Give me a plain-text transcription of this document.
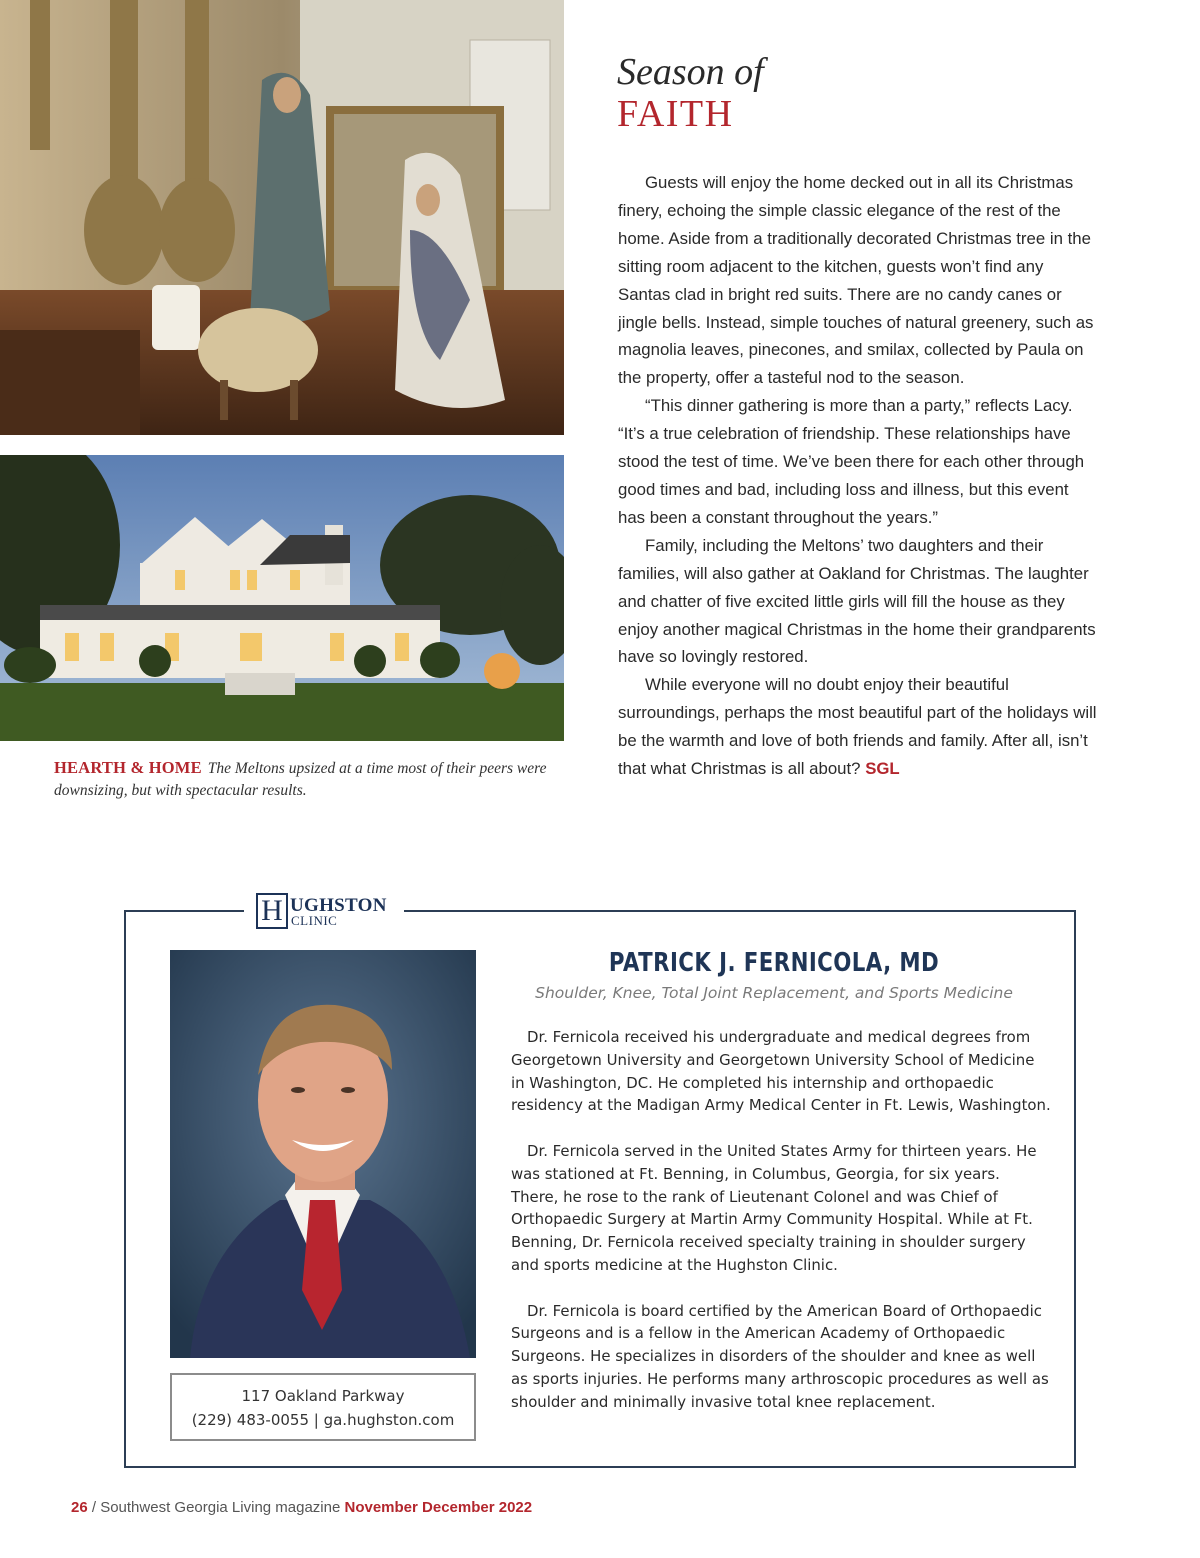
HEARTH & HOME The Meltons upsized at a time most of their peers were downsizing, but with spectacular results.
Season of
FAITH

Guests will enjoy the home decked out in all its Christmas finery, echoing the simple classic elegance of the rest of the home. Aside from a traditionally decorated Christmas tree in the sitting room adjacent to the kitchen, guests won’t find any Santas clad in bright red suits. There are no candy canes or jingle bells. Instead, simple touches of natural greenery, such as magnolia leaves, pinecones, and smilax, collected by Paula on the property, offer a tasteful nod to the season.

“This dinner gathering is more than a party,” reflects Lacy. “It’s a true celebration of friendship. These relationships have stood the test of time. We’ve been there for each other through good times and bad, including loss and illness, but this event has been a constant throughout the years.”

Family, including the Meltons’ two daughters and their families, will also gather at Oakland for Christmas. The laughter and chatter of five excited little girls will fill the house as they enjoy another magical Christmas in the home their grandparents have so lovingly restored.

While everyone will no doubt enjoy their beautiful surroundings, perhaps the most beautiful part of the holidays will be the warmth and love of both friends and family. After all, isn’t that what Christmas is all about? SGL

H UGHSTON
CLINIC
117 Oakland Parkway
(229) 483-0055 | ga.hughston.com
PATRICK J. FERNICOLA, MD
Shoulder, Knee, Total Joint Replacement, and Sports Medicine

Dr. Fernicola received his undergraduate and medical degrees from Georgetown University and Georgetown University School of Medicine in Washington, DC. He completed his internship and orthopaedic residency at the Madigan Army Medical Center in Ft. Lewis, Washington.

Dr. Fernicola served in the United States Army for thirteen years. He was stationed at Ft. Benning, in Columbus, Georgia, for six years. There, he rose to the rank of Lieutenant Colonel and was Chief of Orthopaedic Surgery at Martin Army Community Hospital. While at Ft. Benning, Dr. Fernicola received specialty training in shoulder surgery and sports medicine at the Hughston Clinic.

Dr. Fernicola is board certified by the American Board of Orthopaedic Surgeons and is a fellow in the American Academy of Orthopaedic Surgeons. He specializes in disorders of the shoulder and knee as well as sports injuries. He performs many arthroscopic procedures as well as shoulder and minimally invasive total knee replacement.

26 / Southwest Georgia Living magazine November December 2022
